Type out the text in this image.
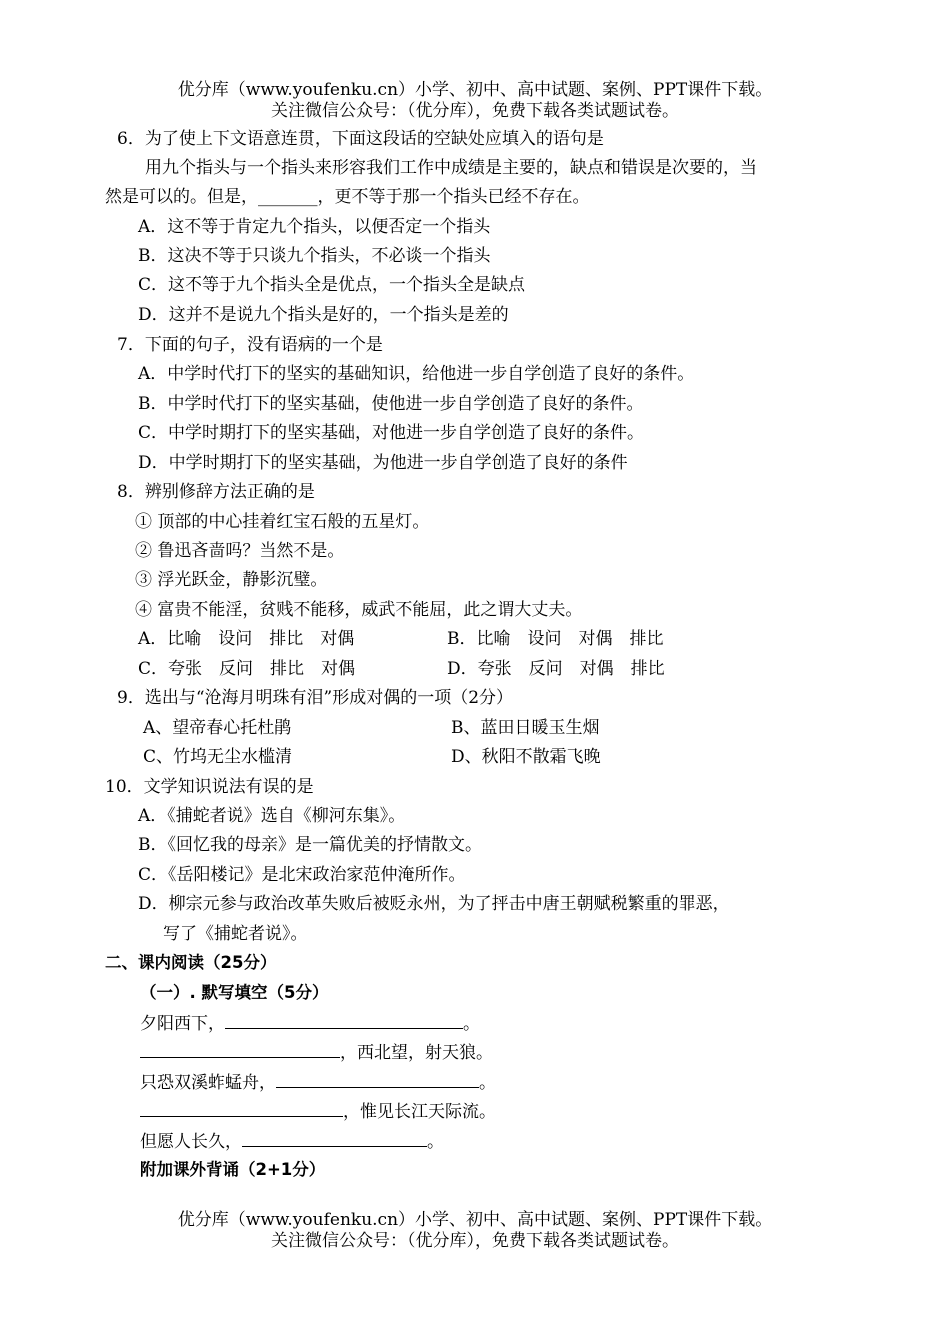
优分库（www.youfenku.cn）小学、初中、高中试题、案例、PPT课件下载。
关注微信公众号：（优分库），免费下载各类试题试卷。
6．为了使上下文语意连贯，下面这段话的空缺处应填入的语句是
用九个指头与一个指头来形容我们工作中成绩是主要的，缺点和错误是次要的，当
然是可以的。但是，_______，更不等于那一个指头已经不存在。
A．这不等于肯定九个指头，以便否定一个指头
B．这决不等于只谈九个指头，不必谈一个指头
C．这不等于九个指头全是优点，一个指头全是缺点
D．这并不是说九个指头是好的，一个指头是差的
7．下面的句子，没有语病的一个是
A．中学时代打下的坚实的基础知识，给他进一步自学创造了良好的条件。
B．中学时代打下的坚实基础，使他进一步自学创造了良好的条件。
C．中学时期打下的坚实基础，对他进一步自学创造了良好的条件。
D．中学时期打下的坚实基础，为他进一步自学创造了良好的条件
8．辨别修辞方法正确的是
① 顶部的中心挂着红宝石般的五星灯。
② 鲁迅吝啬吗？当然不是。
③ 浮光跃金，静影沉璧。
④ 富贵不能淫，贫贱不能移，威武不能屈，此之谓大丈夫。
A．比喻　设问　排比　对偶	B．比喻　设问　对偶　排比
C．夸张　反问　排比　对偶	D．夸张　反问　对偶　排比
9．选出与“沧海月明珠有泪”形成对偶的一项（2分）
A、望帝春心托杜鹃	B、蓝田日暖玉生烟
C、竹坞无尘水槛清	D、秋阳不散霜飞晚
10．文学知识说法有误的是
A．《捕蛇者说》选自《柳河东集》。
B．《回忆我的母亲》是一篇优美的抒情散文。
C．《岳阳楼记》是北宋政治家范仲淹所作。
D．柳宗元参与政治改革失败后被贬永州，为了抨击中唐王朝赋税繁重的罪恶，
写了《捕蛇者说》。
二、课内阅读（25分）
（一）. 默写填空（5分）
夕阳西下，	。
，西北望，射天狼。
只恐双溪蚱蜢舟，	。
，惟见长江天际流。
但愿人长久，	。
附加课外背诵（2+1分）
优分库（www.youfenku.cn）小学、初中、高中试题、案例、PPT课件下载。
关注微信公众号：（优分库），免费下载各类试题试卷。
